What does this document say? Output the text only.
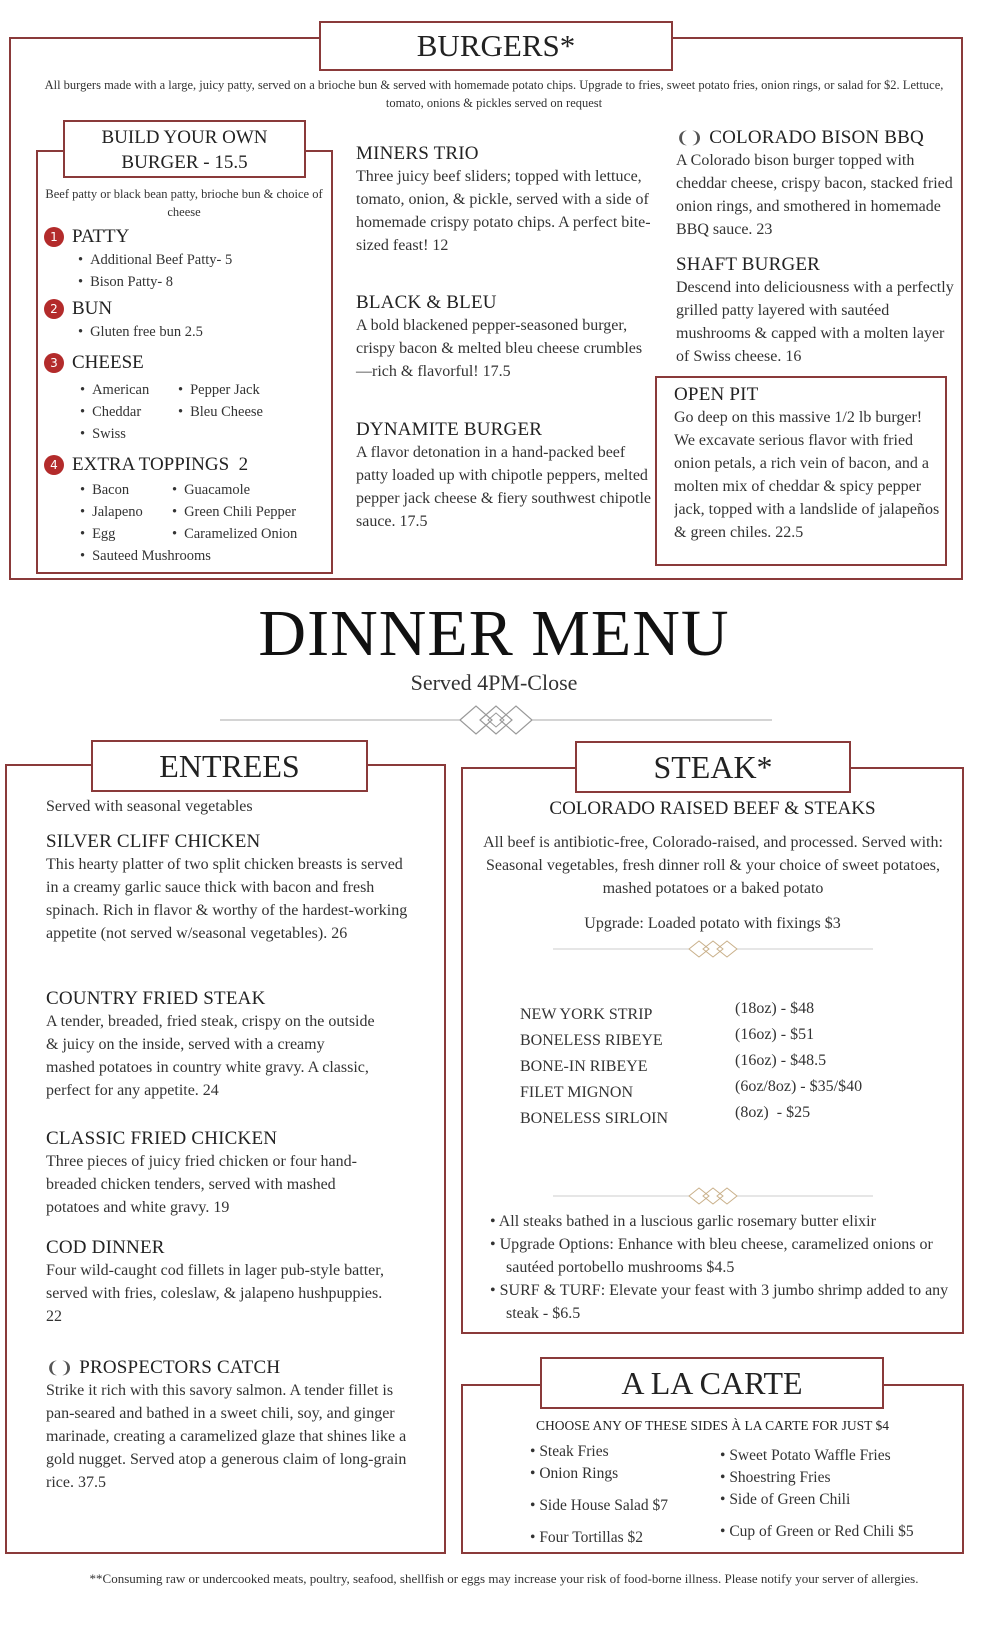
BURGERS*
All burgers made with a large, juicy patty, served on a brioche bun & served with homemade potato chips. Upgrade to fries, sweet potato fries, onion rings, or salad for $2. Lettuce, tomato, onions & pickles served on request
BUILD YOUR OWN
BURGER - 15.5
Beef patty or black bean patty, brioche bun & choice of cheese
1 PATTY
• Additional Beef Patty- 5
• Bison Patty- 8
2 BUN
• Gluten free bun 2.5
3 CHEESE
• American
• Cheddar
• Swiss
• Pepper Jack
• Bleu Cheese
4 EXTRA TOPPINGS  2
• Bacon
• Jalapeno
• Egg
• Sauteed Mushrooms
• Guacamole
• Green Chili Pepper
• Caramelized Onion
MINERS TRIO
Three juicy beef sliders; topped with lettuce, tomato, onion, & pickle, served with a side of homemade crispy potato chips. A perfect bite-sized feast! 12
BLACK & BLEU
A bold blackened pepper-seasoned burger, crispy bacon & melted bleu cheese crumbles—rich & flavorful! 17.5
DYNAMITE BURGER
A flavor detonation in a hand-packed beef patty loaded up with chipotle peppers, melted pepper jack cheese & fiery southwest chipotle sauce. 17.5
❨❩ COLORADO BISON BBQ
A Colorado bison burger topped with cheddar cheese, crispy bacon, stacked fried onion rings, and smothered in homemade BBQ sauce. 23
SHAFT BURGER
Descend into deliciousness with a perfectly grilled patty layered with sautéed mushrooms & capped with a molten layer of Swiss cheese. 16
OPEN PIT
Go deep on this massive 1/2 lb burger! We excavate serious flavor with fried onion petals, a rich vein of bacon, and a molten mix of cheddar & spicy pepper jack, topped with a landslide of jalapeños & green chiles. 22.5
DINNER MENU
Served 4PM-Close
ENTREES
Served with seasonal vegetables
SILVER CLIFF CHICKEN
This hearty platter of two split chicken breasts is served in a creamy garlic sauce thick with bacon and fresh spinach. Rich in flavor & worthy of the hardest-working appetite (not served w/seasonal vegetables). 26
COUNTRY FRIED STEAK
A tender, breaded, fried steak, crispy on the outside & juicy on the inside, served with a creamy mashed potatoes in country white gravy. A classic, perfect for any appetite. 24
CLASSIC FRIED CHICKEN
Three pieces of juicy fried chicken or four hand-breaded chicken tenders, served with mashed potatoes and white gravy. 19
COD DINNER
Four wild-caught cod fillets in lager pub-style batter, served with fries, coleslaw, & jalapeno hushpuppies. 22
❨❩ PROSPECTORS CATCH
Strike it rich with this savory salmon. A tender fillet is pan-seared and bathed in a sweet chili, soy, and ginger marinade, creating a caramelized glaze that shines like a gold nugget. Served atop a generous claim of long-grain rice. 37.5
STEAK*
COLORADO RAISED BEEF & STEAKS
All beef is antibiotic-free, Colorado-raised, and processed. Served with: Seasonal vegetables, fresh dinner roll & your choice of sweet potatoes, mashed potatoes or a baked potato
Upgrade: Loaded potato with fixings $3
NEW YORK STRIP	(18oz) - $48
BONELESS RIBEYE	(16oz) - $51
BONE-IN RIBEYE	(16oz) - $48.5
FILET MIGNON	(6oz/8oz) - $35/$40
BONELESS SIRLOIN	(8oz)  - $25
• All steaks bathed in a luscious garlic rosemary butter elixir
• Upgrade Options: Enhance with bleu cheese, caramelized onions or sautéed portobello mushrooms $4.5
• SURF & TURF: Elevate your feast with 3 jumbo shrimp added to any steak - $6.5
A LA CARTE
CHOOSE ANY OF THESE SIDES À LA CARTE FOR JUST $4
• Steak Fries
• Onion Rings
• Side House Salad $7
• Four Tortillas $2
• Sweet Potato Waffle Fries
• Shoestring Fries
• Side of Green Chili
• Cup of Green or Red Chili $5
**Consuming raw or undercooked meats, poultry, seafood, shellfish or eggs may increase your risk of food-borne illness. Please notify your server of allergies.
